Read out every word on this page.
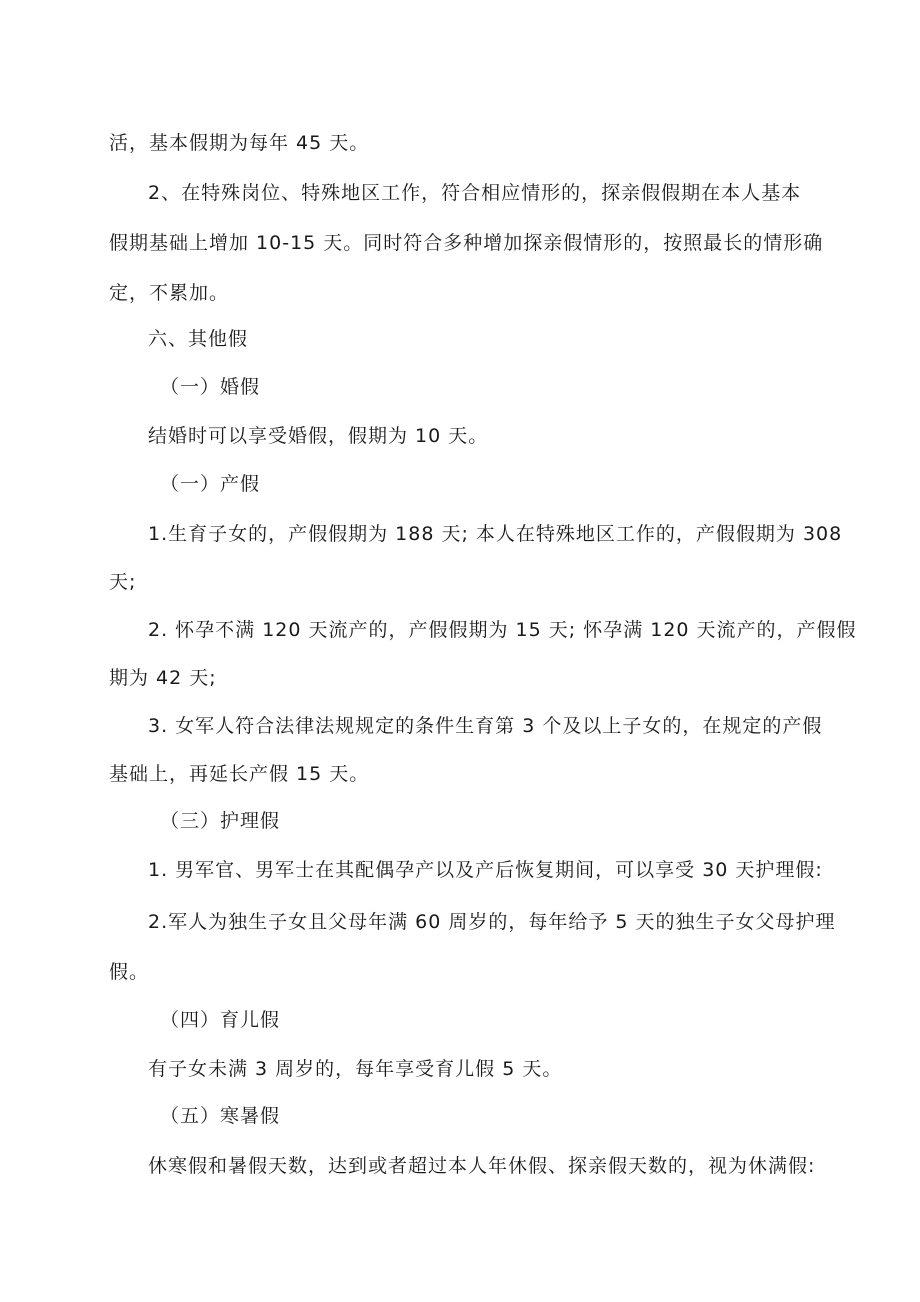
活，基本假期为每年 45 天。
2、在特殊岗位、特殊地区工作，符合相应情形的，探亲假假期在本人基本
假期基础上增加 10-15 天。同时符合多种增加探亲假情形的，按照最长的情形确
定，不累加。
六、其他假
（一）婚假
结婚时可以享受婚假，假期为 10 天。
（一）产假
1.生育子女的，产假假期为 188 天; 本人在特殊地区工作的，产假假期为 308
天;
2. 怀孕不满 120 天流产的，产假假期为 15 天; 怀孕满 120 天流产的，产假假
期为 42 天;
3. 女军人符合法律法规规定的条件生育第 3 个及以上子女的，在规定的产假
基础上，再延长产假 15 天。
（三）护理假
1. 男军官、男军士在其配偶孕产以及产后恢复期间，可以享受 30 天护理假:
2.军人为独生子女且父母年满 60 周岁的，每年给予 5 天的独生子女父母护理
假。
（四）育儿假
有子女未满 3 周岁的，每年享受育儿假 5 天。
（五）寒暑假
休寒假和暑假天数，达到或者超过本人年休假、探亲假天数的，视为休满假:
